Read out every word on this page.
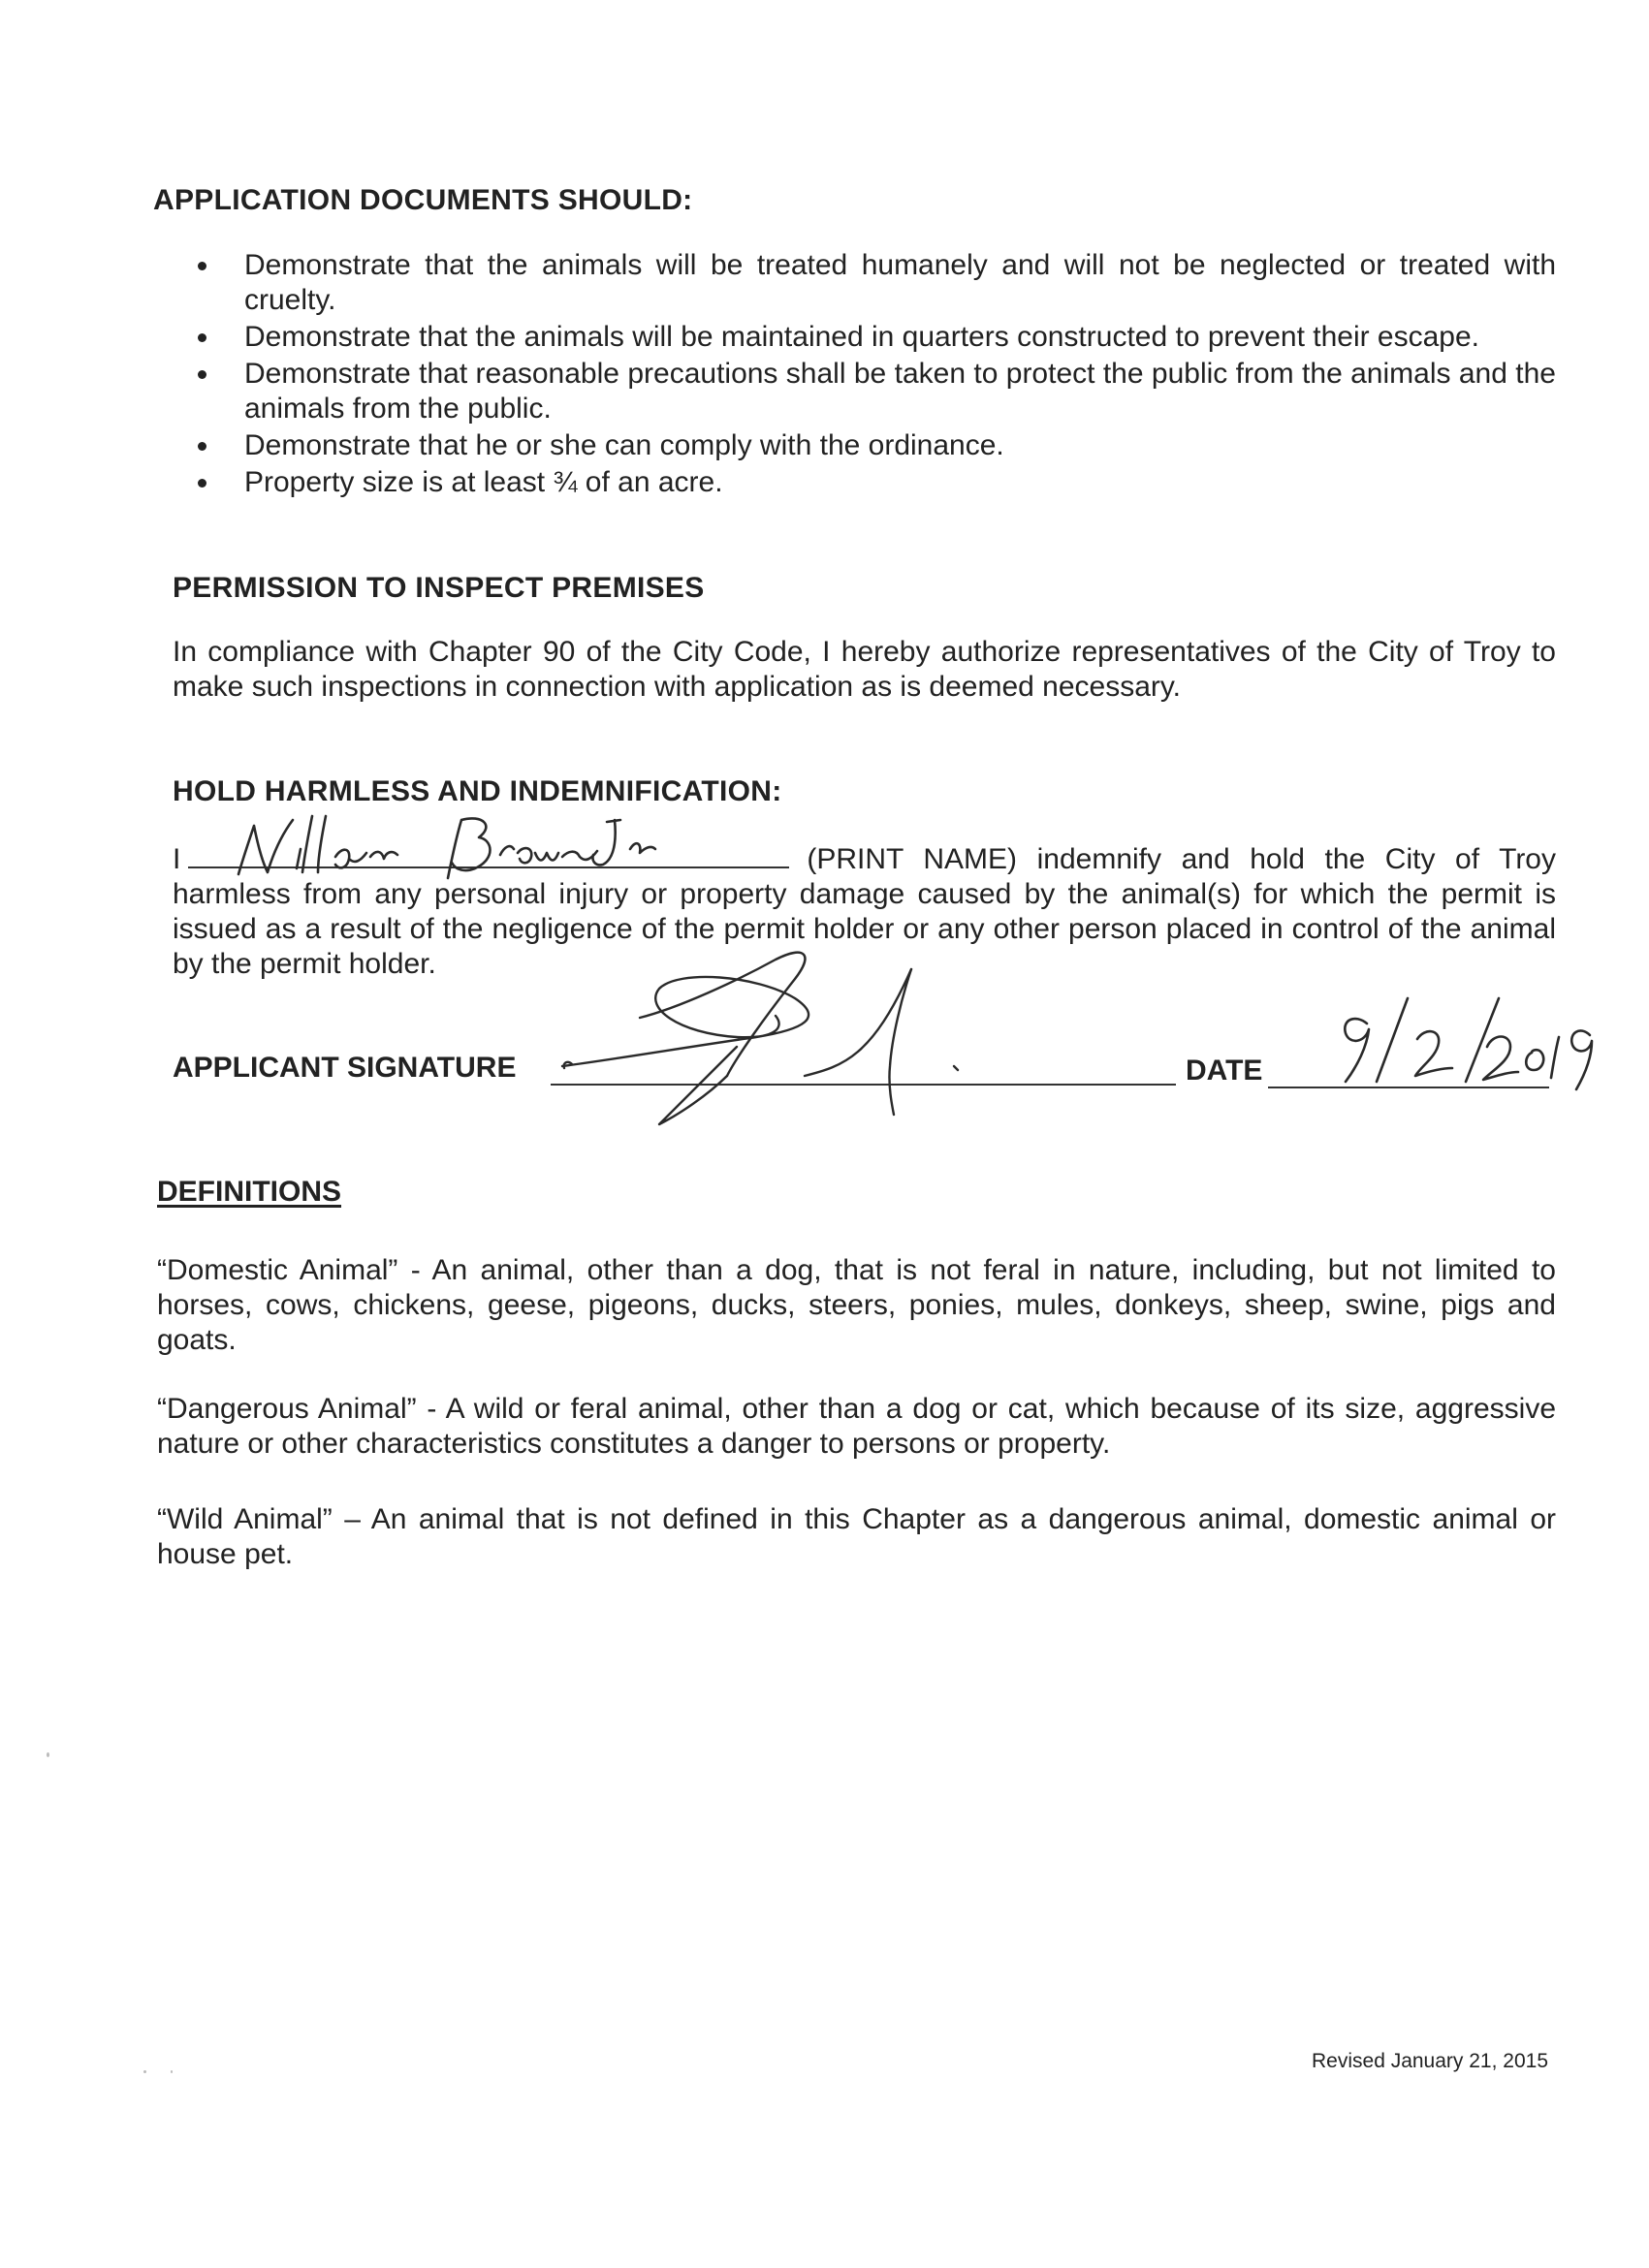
APPLICATION DOCUMENTS SHOULD:
Demonstrate that the animals will be treated humanely and will not be neglected or treated with cruelty.
Demonstrate that the animals will be maintained in quarters constructed to prevent their escape.
Demonstrate that reasonable precautions shall be taken to protect the public from the animals and the animals from the public.
Demonstrate that he or she can comply with the ordinance.
Property size is at least ¾ of an acre.
PERMISSION TO INSPECT PREMISES
In compliance with Chapter 90 of the City Code, I hereby authorize representatives of the City of Troy to make such inspections in connection with application as is deemed necessary.
HOLD HARMLESS AND INDEMNIFICATION:
I	(PRINT NAME) indemnify and hold the City of Troy harmless from any personal injury or property damage caused by the animal(s) for which the permit is issued as a result of the negligence of the permit holder or any other person placed in control of the animal by the permit holder.
APPLICANT SIGNATURE	DATE
DEFINITIONS
“Domestic Animal” - An animal, other than a dog, that is not feral in nature, including, but not limited to horses, cows, chickens, geese, pigeons, ducks, steers, ponies, mules, donkeys, sheep, swine, pigs and goats.
“Dangerous Animal” - A wild or feral animal, other than a dog or cat, which because of its size, aggressive nature or other characteristics constitutes a danger to persons or property.
“Wild Animal” – An animal that is not defined in this Chapter as a dangerous animal, domestic animal or house pet.
Revised January 21, 2015
